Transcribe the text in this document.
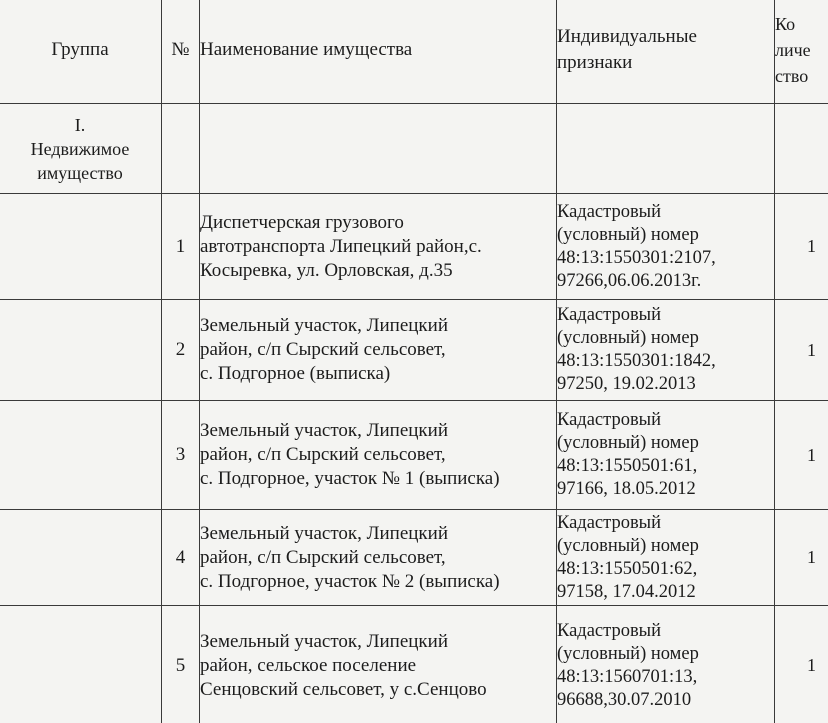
Группа	№	Наименование имущества	Индивидуальные
признаки	Ко
личе
ство

I.
Недвижимое
имущество				

	1	Диспетчерская грузового
автотранспорта Липецкий район,с.
Косыревка, ул. Орловская, д.35	Кадастровый
(условный) номер
48:13:1550301:2107,
97266,06.06.2013г.	1
	2	Земельный участок, Липецкий
район, с/п Сырский сельсовет,
с. Подгорное (выписка)	Кадастровый
(условный) номер
48:13:1550301:1842,
97250, 19.02.2013	1
	3	Земельный участок, Липецкий
район, с/п Сырский сельсовет,
с. Подгорное, участок № 1 (выписка)	Кадастровый
(условный) номер
48:13:1550501:61,
97166, 18.05.2012	1
	4	Земельный участок, Липецкий
район, с/п Сырский сельсовет,
с. Подгорное, участок № 2 (выписка)	Кадастровый
(условный) номер
48:13:1550501:62,
97158, 17.04.2012	1
	5	Земельный участок, Липецкий
район, сельское поселение
Сенцовский сельсовет, у с.Сенцово	Кадастровый
(условный) номер
48:13:1560701:13,
96688,30.07.2010	1
